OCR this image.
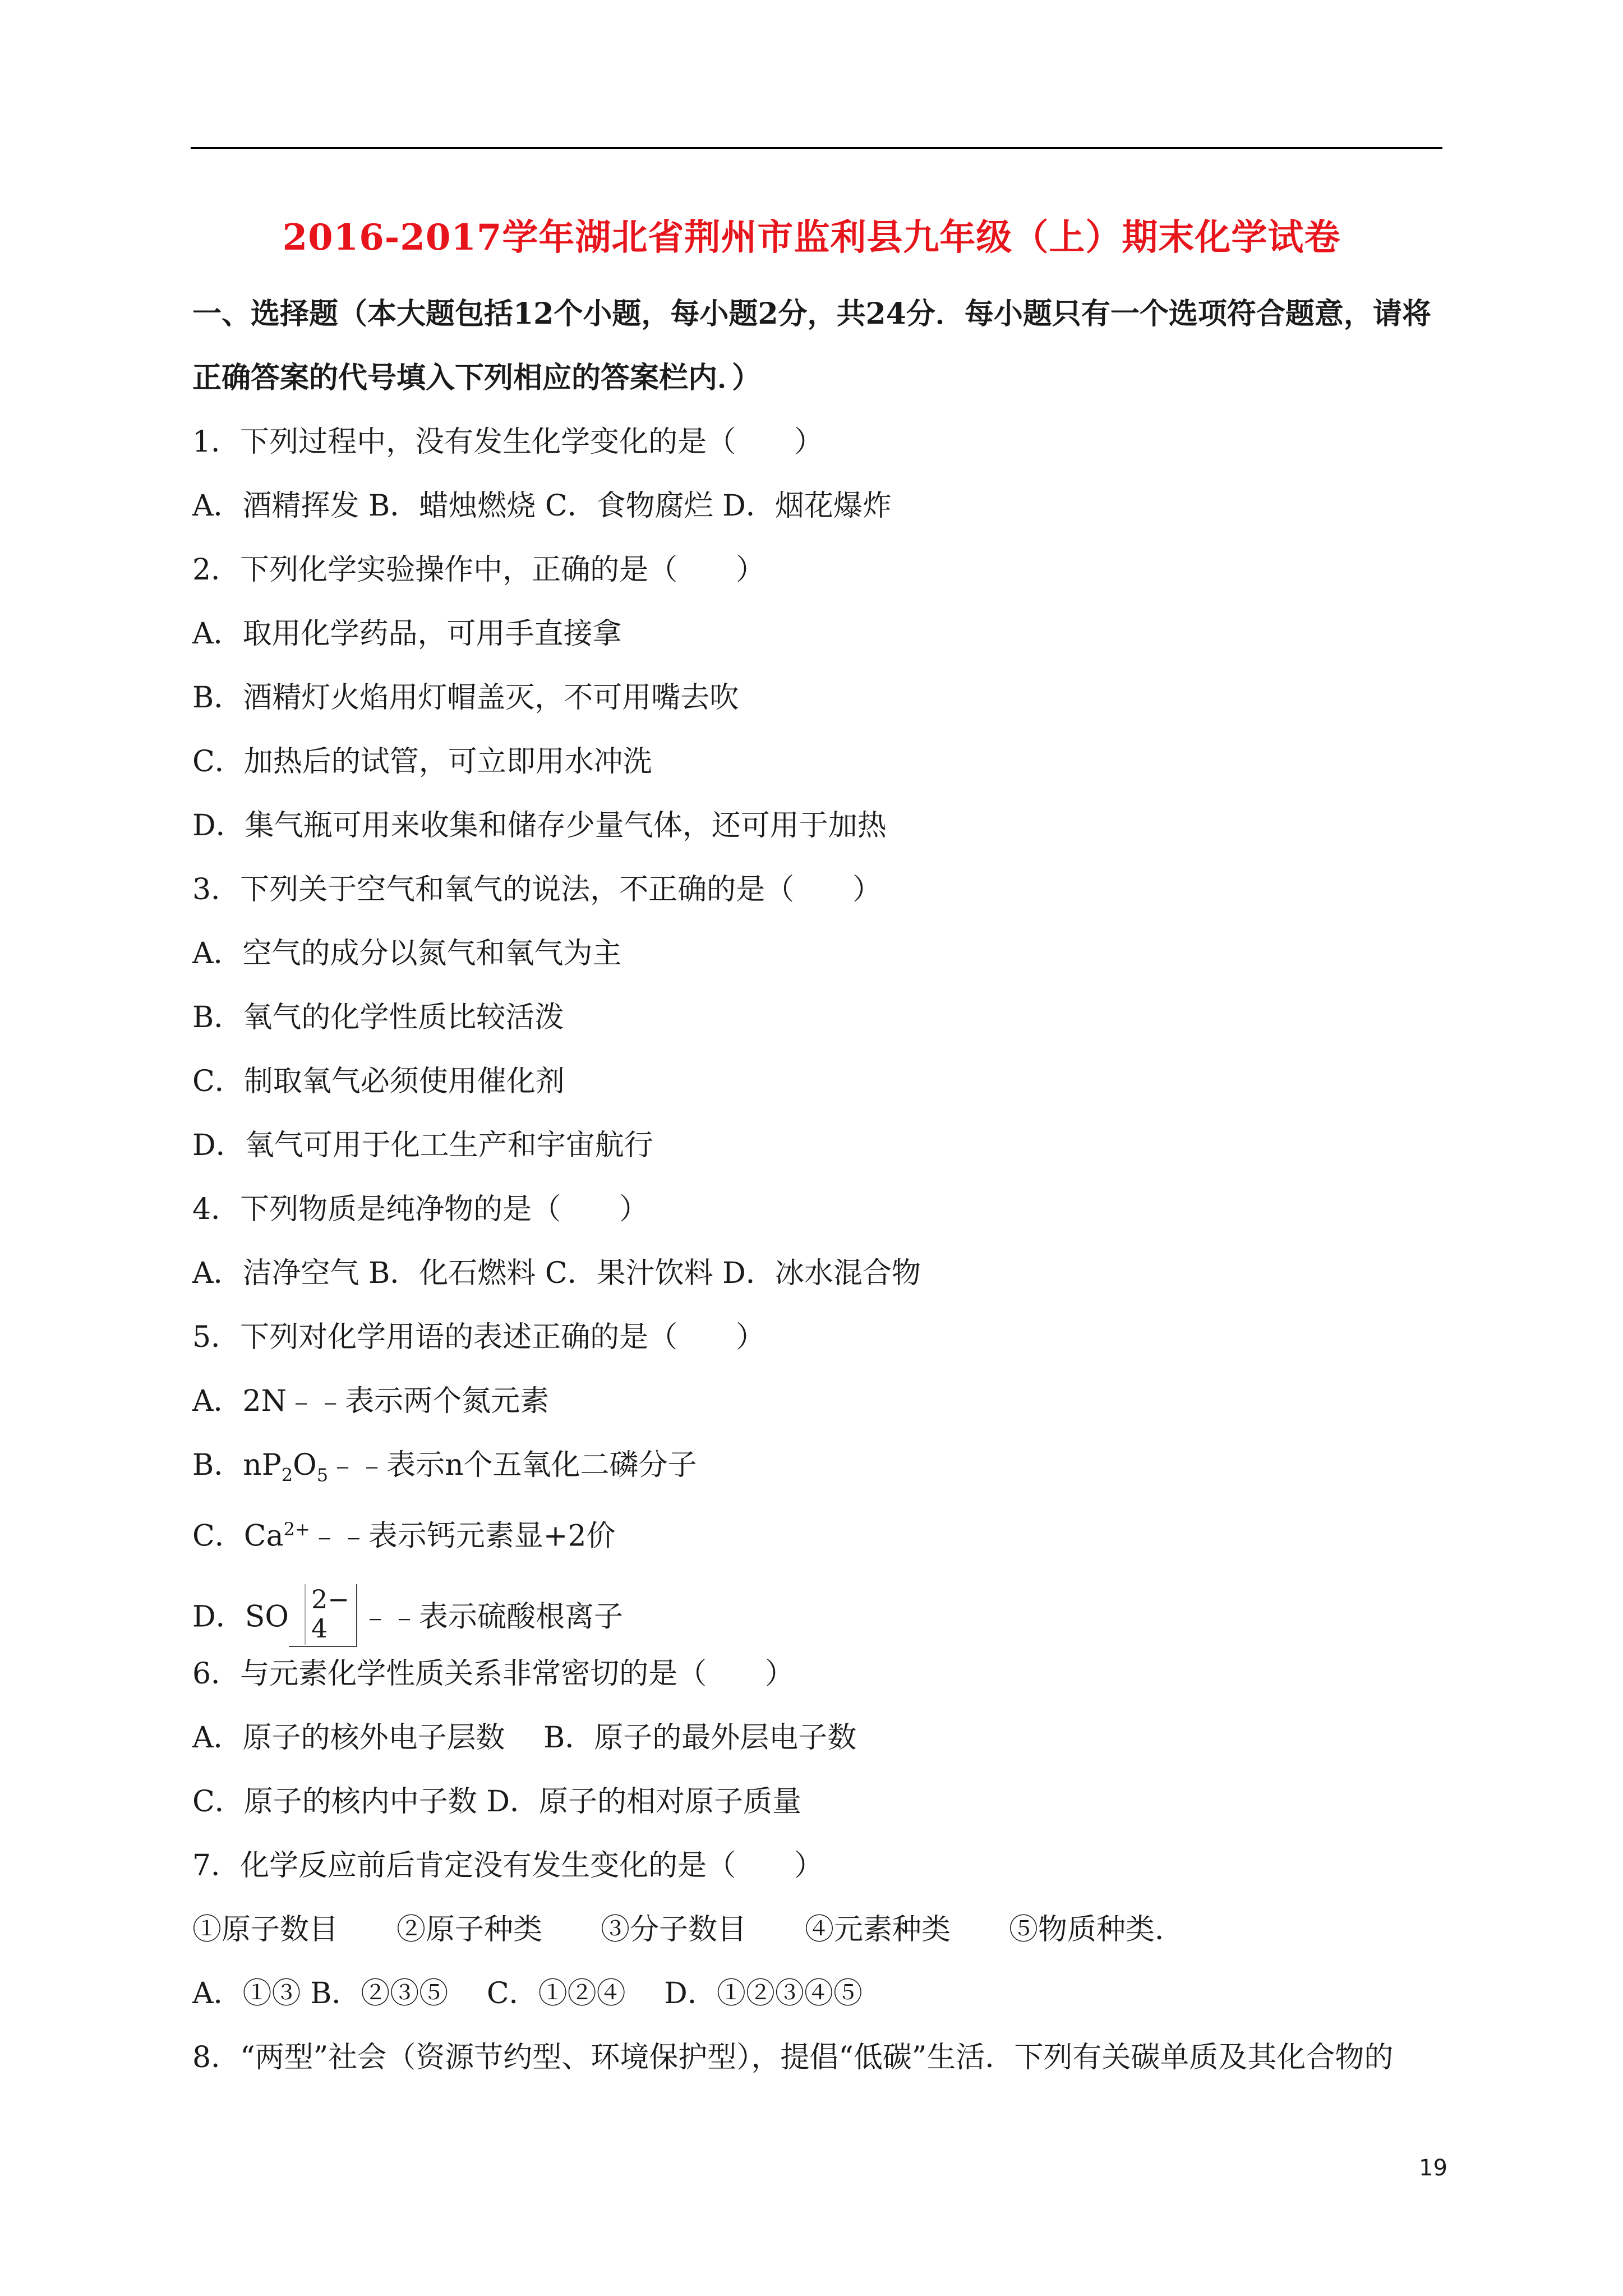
2016-2017学年湖北省荆州市监利县九年级（上）期末化学试卷
一、选择题（本大题包括12个小题，每小题2分，共24分．每小题只有一个选项符合题意，请将
正确答案的代号填入下列相应的答案栏内．）
1．下列过程中，没有发生化学变化的是（　　）
A．酒精挥发 B．蜡烛燃烧 C．食物腐烂 D．烟花爆炸
2．下列化学实验操作中，正确的是（　　）
A．取用化学药品，可用手直接拿
B．酒精灯火焰用灯帽盖灭，不可用嘴去吹
C．加热后的试管，可立即用水冲洗
D．集气瓶可用来收集和储存少量气体，还可用于加热
3．下列关于空气和氧气的说法，不正确的是（　　）
A．空气的成分以氮气和氧气为主
B．氧气的化学性质比较活泼
C．制取氧气必须使用催化剂
D．氧气可用于化工生产和宇宙航行
4．下列物质是纯净物的是（　　）
A．洁净空气 B．化石燃料 C．果汁饮料 D．冰水混合物
5．下列对化学用语的表述正确的是（　　）
A．2N﹣﹣表示两个氮元素
B．$nP_2O_5﹣﹣$表示n个五氧化二磷分子
C．$Ca^{2+}﹣﹣$表示钙元素显+2价
D．SO
2−
4 ﹣﹣表示硫酸根离子
6．与元素化学性质关系非常密切的是（　　）
A．原子的核外电子层数　 B．原子的最外层电子数
C．原子的核内中子数 D．原子的相对原子质量
7．化学反应前后肯定没有发生变化的是（　　）
①原子数目　　②原子种类　　③分子数目　　④元素种类　　⑤物质种类．
A．①③ B．②③⑤　 C．①②④　 D．①②③④⑤
8．“两型”社会（资源节约型、环境保护型），提倡“低碳”生活．下列有关碳单质及其化合物的
19
